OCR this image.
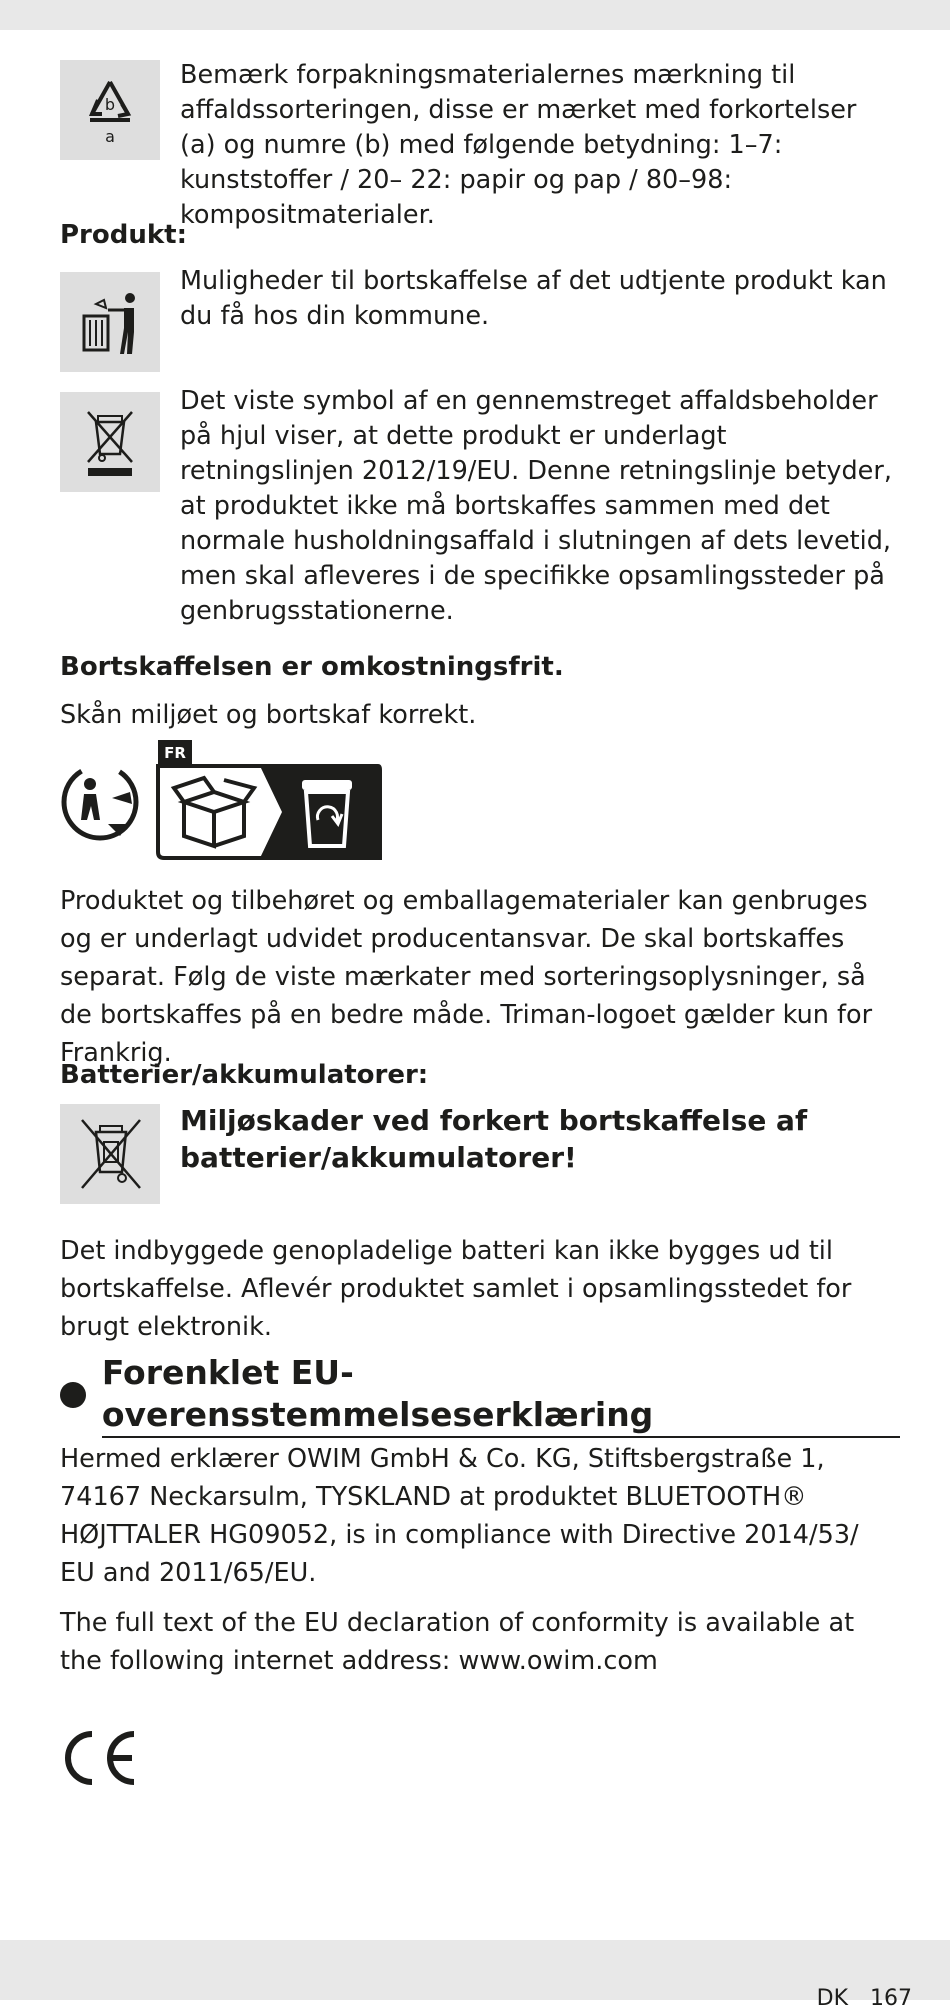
b
a
Bemærk forpakningsmaterialernes mærkning til affaldssorteringen, disse er mærket med forkortelser (a) og numre (b) med følgende betydning: 1–7: kunststoffer / 20– 22: papir og pap / 80–98: kompositmaterialer.
Produkt:
Muligheder til bortskaffelse af det udtjente produkt kan du få hos din kommune.
Det viste symbol af en gennemstreget affaldsbeholder på hjul viser, at dette produkt er underlagt retningslinjen 2012/19/EU. Denne retningslinje betyder, at produktet ikke må bortskaffes sammen med det normale husholdningsaffald i slutningen af dets levetid, men skal afleveres i de specifikke opsamlingssteder på genbrugsstationerne.
Bortskaffelsen er omkostningsfrit.
Skån miljøet og bortskaf korrekt.
FR
Produktet og tilbehøret og emballagematerialer kan genbruges og er underlagt udvidet producentansvar. De skal bortskaffes separat. Følg de viste mærkater med sorteringsoplysninger, så de bortskaffes på en bedre måde. Triman-logoet gælder kun for Frankrig.
Batterier/akkumulatorer:
Miljøskader ved forkert bortskaffelse af batterier/akkumulatorer!
Det indbyggede genopladelige batteri kan ikke bygges ud til bortskaffelse. Aflevér produktet samlet i opsamlingsstedet for brugt elektronik.
Forenklet EU-overensstemmelseserklæring
Hermed erklærer OWIM GmbH & Co. KG, Stiftsbergstraße 1, 74167 Neckarsulm, TYSKLAND at produktet BLUETOOTH® HØJTTALER HG09052, is in compliance with Directive 2014/53/ EU and 2011/65/EU.
The full text of the EU declaration of conformity is available at the following internet address: www.owim.com
DK 167
